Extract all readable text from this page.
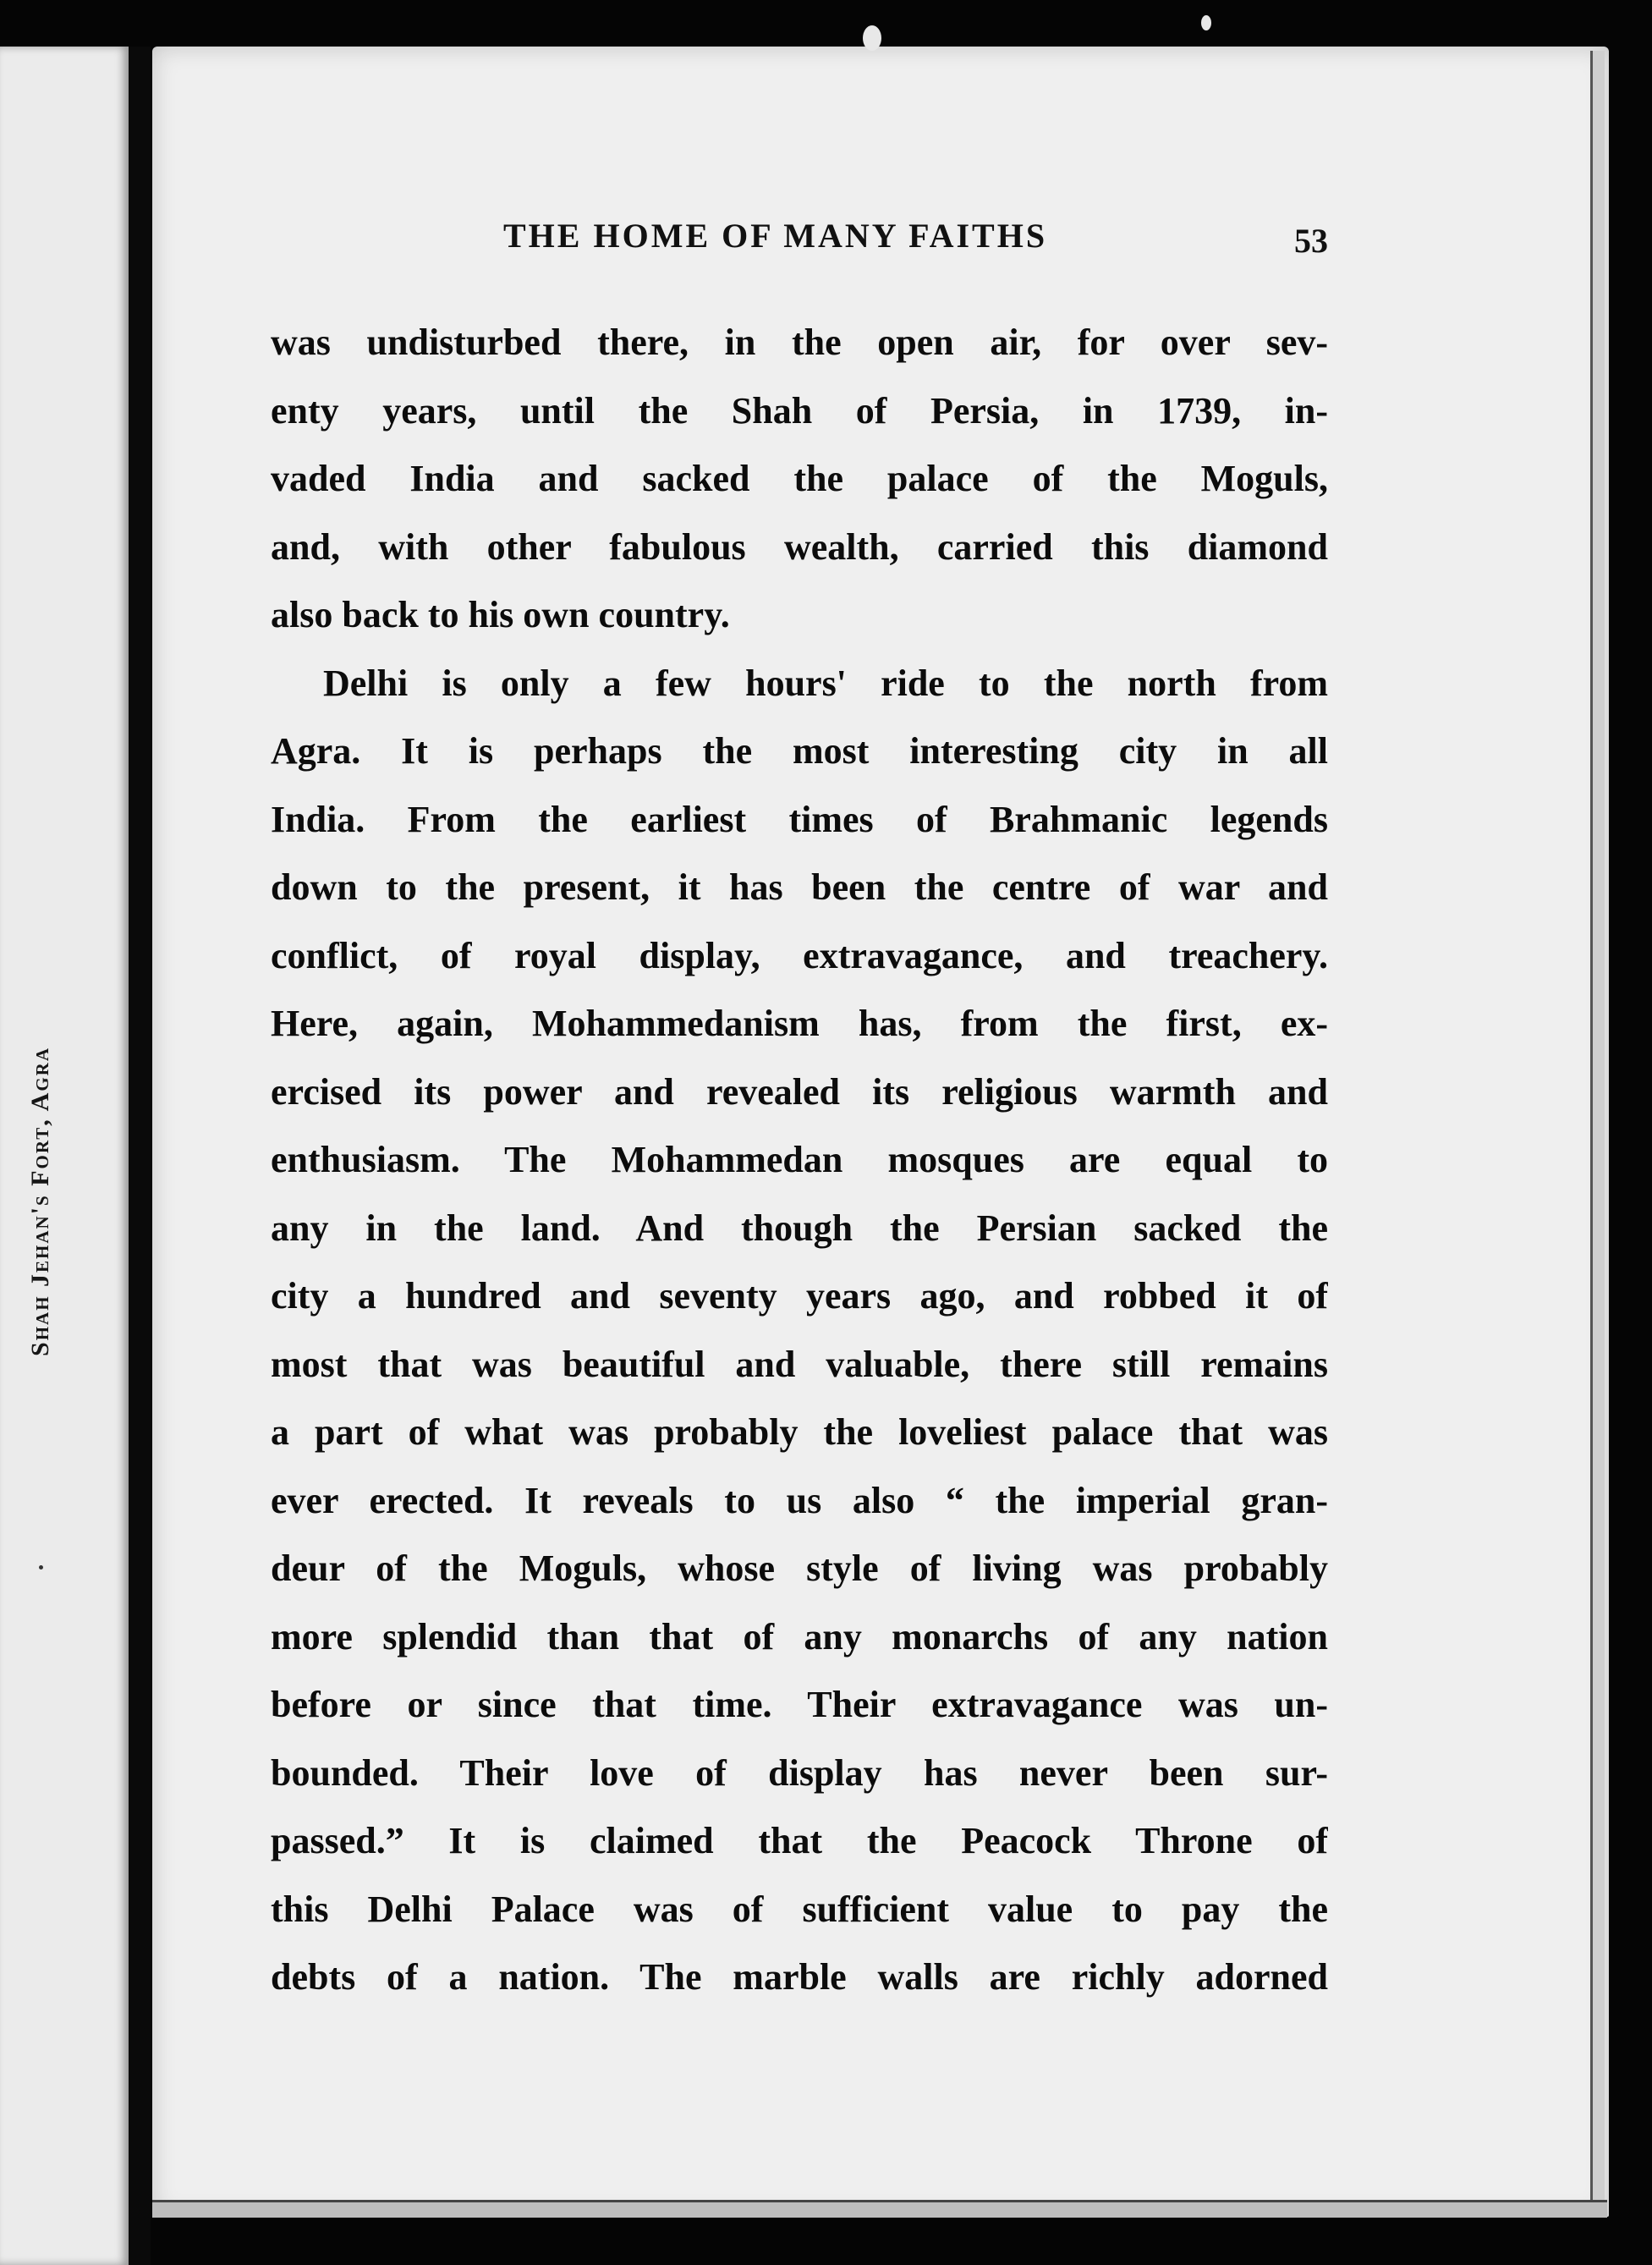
Shah Jehan's Fort, Agra
THE HOME OF MANY FAITHS	53
was undisturbed there, in the open air, for over sev-
enty years, until the Shah of Persia, in 1739, in-
vaded India and sacked the palace of the Moguls,
and, with other fabulous wealth, carried this diamond
also back to his own country.
Delhi is only a few hours' ride to the north from
Agra. It is perhaps the most interesting city in all
India. From the earliest times of Brahmanic legends
down to the present, it has been the centre of war and
conflict, of royal display, extravagance, and treachery.
Here, again, Mohammedanism has, from the first, ex-
ercised its power and revealed its religious warmth and
enthusiasm. The Mohammedan mosques are equal to
any in the land. And though the Persian sacked the
city a hundred and seventy years ago, and robbed it of
most that was beautiful and valuable, there still remains
a part of what was probably the loveliest palace that was
ever erected. It reveals to us also “ the imperial gran-
deur of the Moguls, whose style of living was probably
more splendid than that of any monarchs of any nation
before or since that time. Their extravagance was un-
bounded. Their love of display has never been sur-
passed.” It is claimed that the Peacock Throne of
this Delhi Palace was of sufficient value to pay the
debts of a nation. The marble walls are richly adorned
